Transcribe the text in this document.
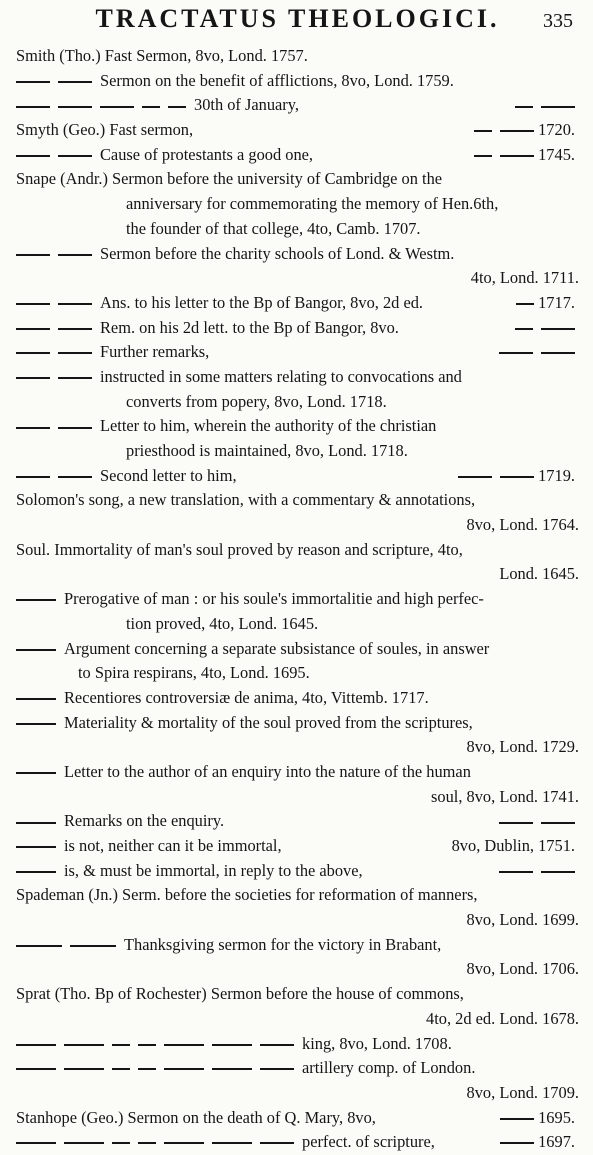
TRACTATUS THEOLOGICI.	335
Smith (Tho.) Fast Sermon, 8vo, Lond. 1757.
Sermon on the benefit of afflictions, 8vo, Lond. 1759.
30th of January,
Smyth (Geo.) Fast sermon,	1720.
Cause of protestants a good one,	1745.
Snape (Andr.) Sermon before the university of Cambridge on the
anniversary for commemorating the memory of Hen.6th,
the founder of that college, 4to, Camb. 1707.
Sermon before the charity schools of Lond. & Westm.
4to, Lond. 1711.
Ans. to his letter to the Bp of Bangor, 8vo, 2d ed.	1717.
Rem. on his 2d lett. to the Bp of Bangor, 8vo.
Further remarks,
instructed in some matters relating to convocations and
converts from popery, 8vo, Lond. 1718.
Letter to him, wherein the authority of the christian
priesthood is maintained, 8vo, Lond. 1718.
Second letter to him,	1719.
Solomon's song, a new translation, with a commentary & annotations,
8vo, Lond. 1764.
Soul. Immortality of man's soul proved by reason and scripture, 4to,
Lond. 1645.
Prerogative of man : or his soule's immortalitie and high perfec-
tion proved, 4to, Lond. 1645.
Argument concerning a separate subsistance of soules, in answer
to Spira respirans, 4to, Lond. 1695.
Recentiores controversiæ de anima, 4to, Vittemb. 1717.
Materiality & mortality of the soul proved from the scriptures,
8vo, Lond. 1729.
Letter to the author of an enquiry into the nature of the human
soul, 8vo, Lond. 1741.
Remarks on the enquiry.
is not, neither can it be immortal,	8vo, Dublin, 1751.
is, & must be immortal, in reply to the above,
Spademan (Jn.) Serm. before the societies for reformation of manners,
8vo, Lond. 1699.
Thanksgiving sermon for the victory in Brabant,
8vo, Lond. 1706.
Sprat (Tho. Bp of Rochester) Sermon before the house of commons,
4to, 2d ed. Lond. 1678.
king, 8vo, Lond. 1708.
artillery comp. of London.
8vo, Lond. 1709.
Stanhope (Geo.) Sermon on the death of Q. Mary, 8vo,	1695.
perfect. of scripture,	1697.
